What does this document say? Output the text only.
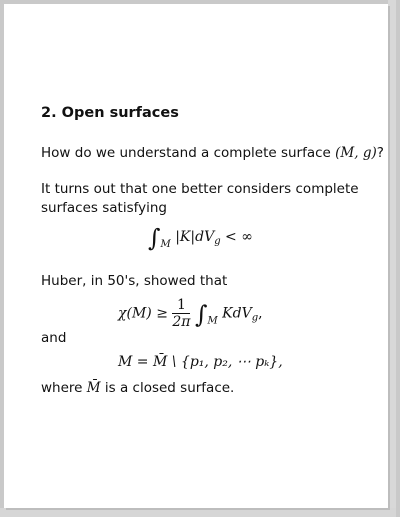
2. Open surfaces
How do we understand a complete surface (M, g)?
It turns out that one better considers complete
surfaces satisfying
$\int_M$ $|K|dV_g$ < ∞
Huber, in 50's, showed that
$\chi(M) \ge \frac{1}{2\pi} \int_M$ KdV$_g$,
and
M = M̄ \ {p₁, p₂, ⋯ pₖ},
where M̄ is a closed surface.
